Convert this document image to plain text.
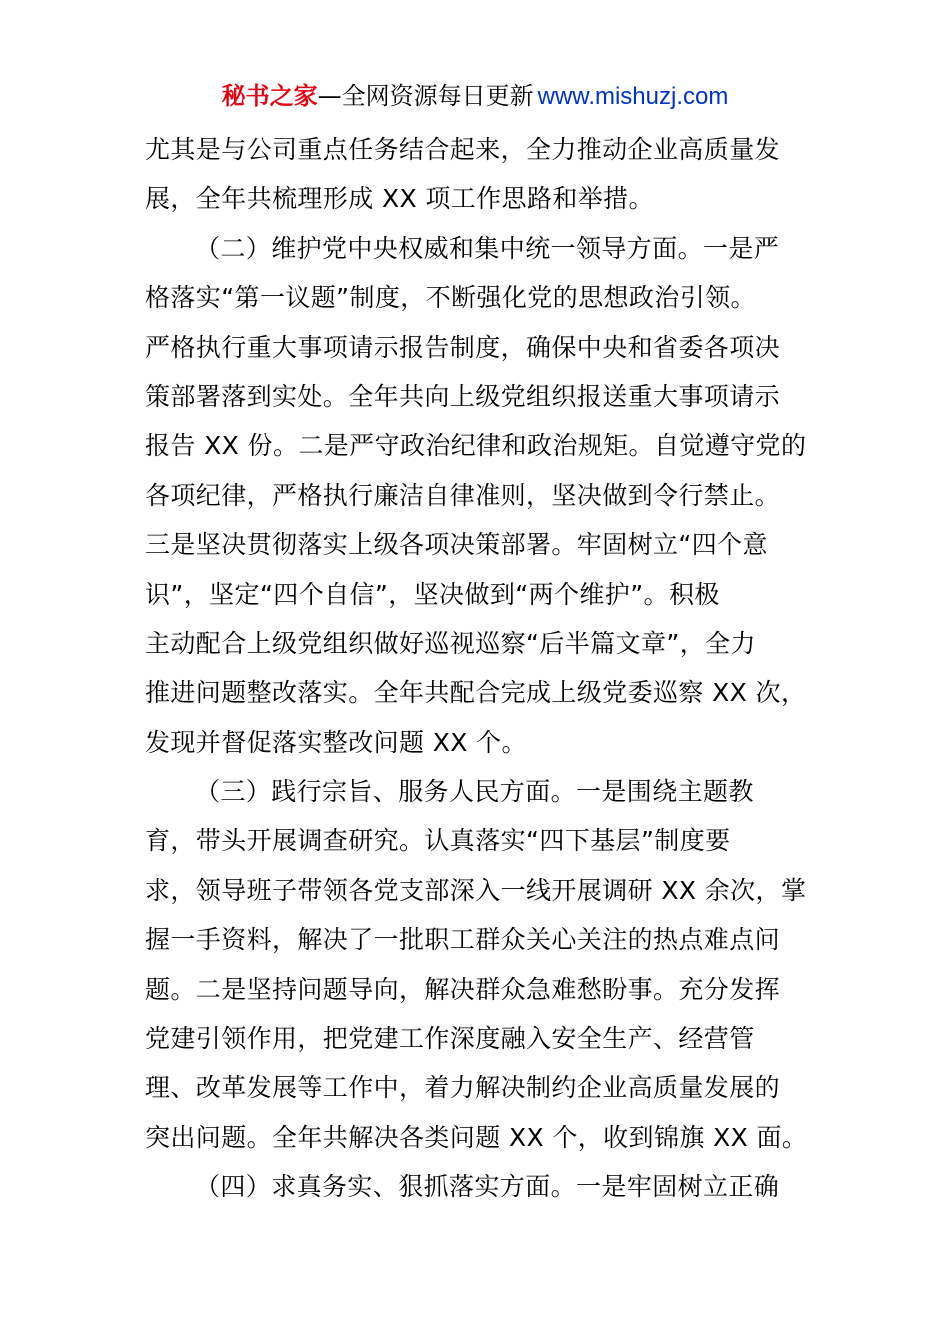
秘书之家—全网资源每日更新 www.mishuzj.com
尤其是与公司重点任务结合起来，全力推动企业高质量发
展，全年共梳理形成 XX 项工作思路和举措。
（二）维护党中央权威和集中统一领导方面。一是严
格落实“第一议题”制度，不断强化党的思想政治引领。
严格执行重大事项请示报告制度，确保中央和省委各项决
策部署落到实处。全年共向上级党组织报送重大事项请示
报告 XX 份。二是严守政治纪律和政治规矩。自觉遵守党的
各项纪律，严格执行廉洁自律准则，坚决做到令行禁止。
三是坚决贯彻落实上级各项决策部署。牢固树立“四个意
识”，坚定“四个自信”，坚决做到“两个维护”。积极
主动配合上级党组织做好巡视巡察“后半篇文章”，全力
推进问题整改落实。全年共配合完成上级党委巡察 XX 次，
发现并督促落实整改问题 XX 个。
（三）践行宗旨、服务人民方面。一是围绕主题教
育，带头开展调查研究。认真落实“四下基层”制度要
求，领导班子带领各党支部深入一线开展调研 XX 余次，掌
握一手资料，解决了一批职工群众关心关注的热点难点问
题。二是坚持问题导向，解决群众急难愁盼事。充分发挥
党建引领作用，把党建工作深度融入安全生产、经营管
理、改革发展等工作中，着力解决制约企业高质量发展的
突出问题。全年共解决各类问题 XX 个，收到锦旗 XX 面。
（四）求真务实、狠抓落实方面。一是牢固树立正确
